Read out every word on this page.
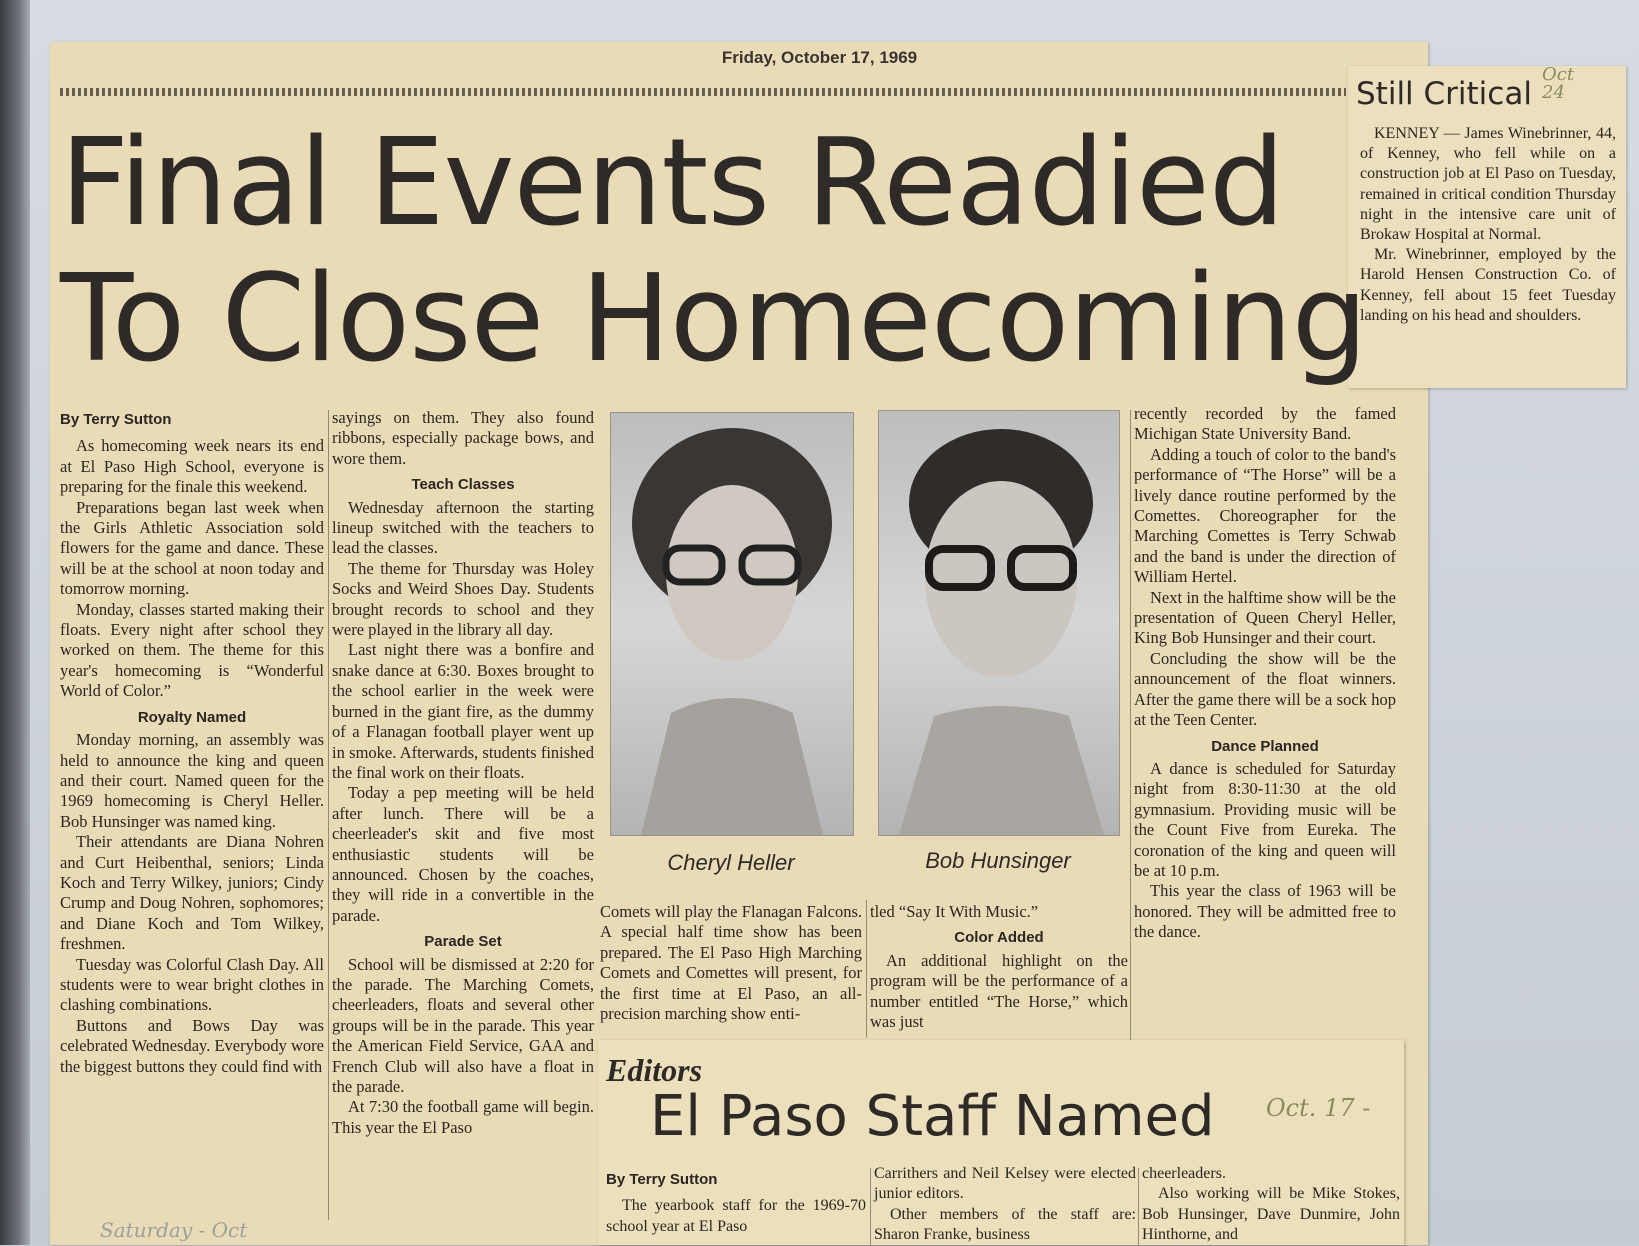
Friday, October 17, 1969
Final Events Readied
To Close Homecoming
By Terry Sutton

As homecoming week nears its end at El Paso High School, everyone is preparing for the finale this weekend.

Preparations began last week when the Girls Athletic Association sold flowers for the game and dance. These will be at the school at noon today and tomorrow morning.

Monday, classes started making their floats. Every night after school they worked on them. The theme for this year's homecoming is “Wonderful World of Color.”

Royalty Named

Monday morning, an assembly was held to announce the king and queen and their court. Named queen for the 1969 homecoming is Cheryl Heller. Bob Hunsinger was named king.

Their attendants are Diana Nohren and Curt Heibenthal, seniors; Linda Koch and Terry Wilkey, juniors; Cindy Crump and Doug Nohren, sophomores; and Diane Koch and Tom Wilkey, freshmen.

Tuesday was Colorful Clash Day. All students were to wear bright clothes in clashing combinations.

Buttons and Bows Day was celebrated Wednesday. Everybody wore the biggest buttons they could find with

sayings on them. They also found ribbons, especially package bows, and wore them.

Teach Classes

Wednesday afternoon the starting lineup switched with the teachers to lead the classes.

The theme for Thursday was Holey Socks and Weird Shoes Day. Students brought records to school and they were played in the library all day.

Last night there was a bonfire and snake dance at 6:30. Boxes brought to the school earlier in the week were burned in the giant fire, as the dummy of a Flanagan football player went up in smoke. Afterwards, students finished the final work on their floats.

Today a pep meeting will be held after lunch. There will be a cheerleader's skit and five most enthusiastic students will be announced. Chosen by the coaches, they will ride in a convertible in the parade.

Parade Set

School will be dismissed at 2:20 for the parade. The Marching Comets, cheerleaders, floats and several other groups will be in the parade. This year the American Field Service, GAA and French Club will also have a float in the parade.

At 7:30 the football game will begin. This year the El Paso

Cheryl Heller	Bob Hunsinger

Comets will play the Flanagan Falcons. A special half time show has been prepared. The El Paso High Marching Comets and Comettes will present, for the first time at El Paso, an all-precision marching show enti-

tled “Say It With Music.”

Color Added

An additional highlight on the program will be the performance of a number entitled “The Horse,” which was just

recently recorded by the famed Michigan State University Band.

Adding a touch of color to the band's performance of “The Horse” will be a lively dance routine performed by the Comettes. Choreographer for the Marching Comettes is Terry Schwab and the band is under the direction of William Hertel.

Next in the halftime show will be the presentation of Queen Cheryl Heller, King Bob Hunsinger and their court.

Concluding the show will be the announcement of the float winners. After the game there will be a sock hop at the Teen Center.

Dance Planned

A dance is scheduled for Saturday night from 8:30-11:30 at the old gymnasium. Providing music will be the Count Five from Eureka. The coronation of the king and queen will be at 10 p.m.

This year the class of 1963 will be honored. They will be admitted free to the dance.

Still Critical
Oct 24

KENNEY — James Winebrinner, 44, of Kenney, who fell while on a construction job at El Paso on Tuesday, remained in critical condition Thursday night in the intensive care unit of Brokaw Hospital at Normal.

Mr. Winebrinner, employed by the Harold Hensen Construction Co. of Kenney, fell about 15 feet Tuesday landing on his head and shoulders.

Editors
El Paso Staff Named Oct. 17 -
By Terry Sutton

The yearbook staff for the 1969-70 school year at El Paso

Carrithers and Neil Kelsey were elected junior editors.

Other members of the staff are: Sharon Franke, business

cheerleaders.

Also working will be Mike Stokes, Bob Hunsinger, Dave Dunmire, John Hinthorne, and

Saturday - Oct
